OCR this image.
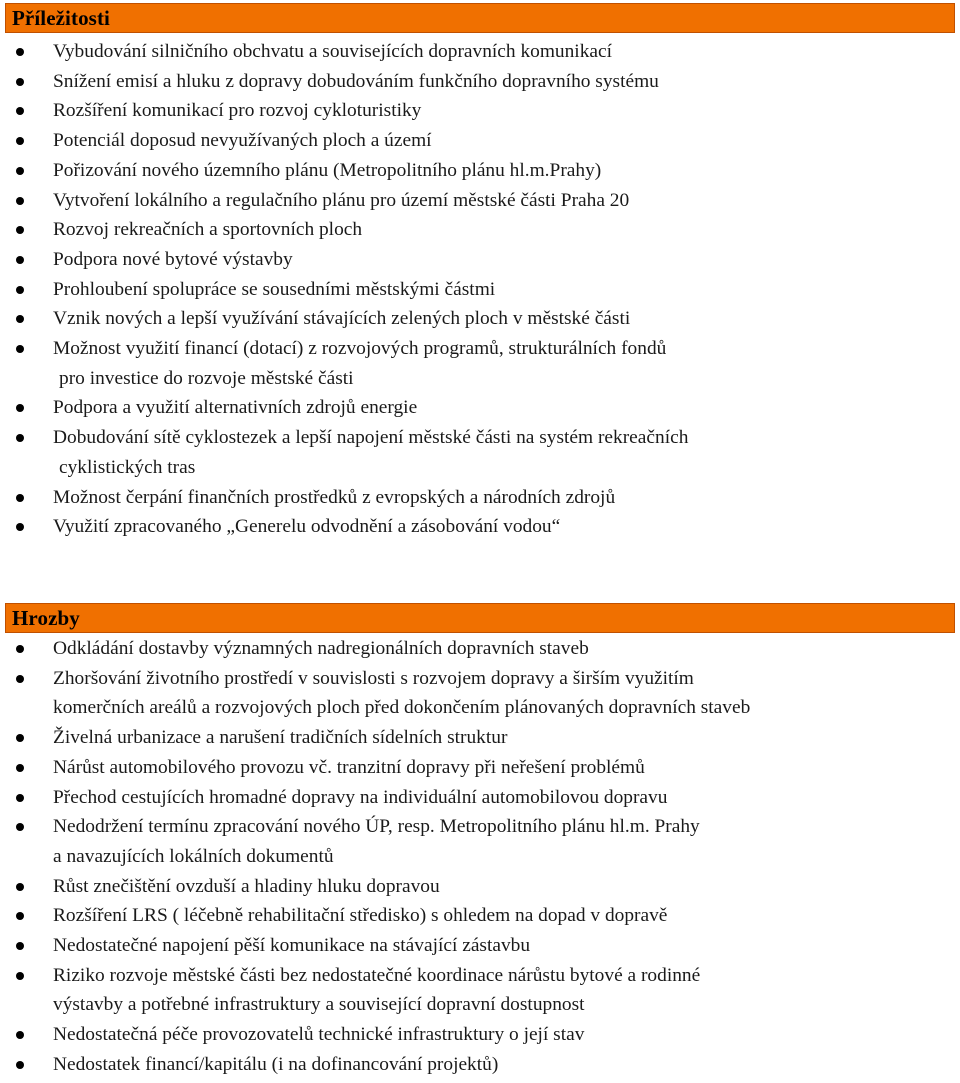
Příležitosti
Vybudování silničního obchvatu a souvisejících dopravních komunikací
Snížení emisí a hluku z dopravy dobudováním funkčního dopravního systému
Rozšíření komunikací pro rozvoj cykloturistiky
Potenciál doposud nevyužívaných ploch a území
Pořizování nového územního plánu (Metropolitního plánu hl.m.Prahy)
Vytvoření lokálního a regulačního plánu pro území městské části Praha 20
Rozvoj rekreačních a sportovních ploch
Podpora nové bytové výstavby
Prohloubení spolupráce se sousedními městskými částmi
Vznik nových a lepší využívání stávajících zelených ploch v městské části
Možnost využití financí (dotací) z rozvojových programů, strukturálních fondů
pro investice do rozvoje městské části
Podpora a využití alternativních zdrojů energie
Dobudování sítě cyklostezek a lepší napojení městské části na systém rekreačních
cyklistických tras
Možnost čerpání finančních prostředků z evropských a národních zdrojů
Využití zpracovaného „Generelu odvodnění a zásobování vodou“
Hrozby
Odkládání dostavby významných nadregionálních dopravních staveb
Zhoršování životního prostředí v souvislosti s rozvojem dopravy a širším využitím
komerčních areálů a rozvojových ploch před dokončením plánovaných dopravních staveb
Živelná urbanizace a narušení tradičních sídelních struktur
Nárůst automobilového provozu vč. tranzitní dopravy při neřešení problémů
Přechod cestujících hromadné dopravy na individuální automobilovou dopravu
Nedodržení termínu zpracování nového ÚP, resp. Metropolitního plánu hl.m. Prahy
a navazujících lokálních dokumentů
Růst znečištění ovzduší a hladiny hluku dopravou
Rozšíření LRS ( léčebně rehabilitační středisko) s ohledem na dopad v dopravě
Nedostatečné napojení pěší komunikace na stávající zástavbu
Riziko rozvoje městské části bez nedostatečné koordinace nárůstu bytové a rodinné
výstavby a potřebné infrastruktury a související dopravní dostupnost
Nedostatečná péče provozovatelů technické infrastruktury o její stav
Nedostatek financí/kapitálu (i na dofinancování projektů)
